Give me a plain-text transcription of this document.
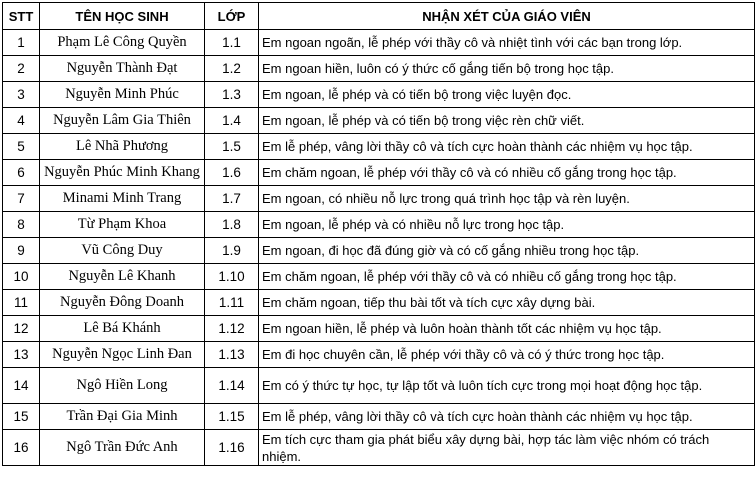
STT	TÊN HỌC SINH	LỚP	NHẬN XÉT CỦA GIÁO VIÊN
1	Phạm Lê Công Quyền	1.1	Em ngoan ngoãn, lễ phép với thầy cô và nhiệt tình với các bạn trong lớp.
2	Nguyễn Thành Đạt	1.2	Em ngoan hiền, luôn có ý thức cố gắng tiến bộ trong học tập.
3	Nguyễn Minh Phúc	1.3	Em ngoan, lễ phép và có tiến bộ trong việc luyện đọc.
4	Nguyễn Lâm Gia Thiên	1.4	Em ngoan, lễ phép và có tiến bộ trong việc rèn chữ viết.
5	Lê Nhã Phương	1.5	Em lễ phép, vâng lời thầy cô và tích cực hoàn thành các nhiệm vụ học tập.
6	Nguyễn Phúc Minh Khang	1.6	Em chăm ngoan, lễ phép với thầy cô và có nhiều cố gắng trong học tập.
7	Minami Minh Trang	1.7	Em ngoan, có nhiều nỗ lực trong quá trình học tập và rèn luyện.
8	Từ Phạm Khoa	1.8	Em ngoan, lễ phép và có nhiều nỗ lực trong học tập.
9	Vũ Công Duy	1.9	Em ngoan, đi học đã đúng giờ và có cố gắng nhiều trong học tập.
10	Nguyễn Lê Khanh	1.10	Em chăm ngoan, lễ phép với thầy cô và có nhiều cố gắng trong học tập.
11	Nguyễn Đông Doanh	1.11	Em chăm ngoan, tiếp thu bài tốt và tích cực xây dựng bài.
12	Lê Bá Khánh	1.12	Em ngoan hiền, lễ phép và luôn hoàn thành tốt các nhiệm vụ học tập.
13	Nguyễn Ngọc Linh Đan	1.13	Em đi học chuyên cần, lễ phép với thầy cô và có ý thức trong học tập.
14	Ngô Hiền Long	1.14	Em có ý thức tự học, tự lập tốt và luôn tích cực trong mọi hoạt động học tập.
15	Trần Đại Gia Minh	1.15	Em lễ phép, vâng lời thầy cô và tích cực hoàn thành các nhiệm vụ học tập.
16	Ngô Trần Đức Anh	1.16	Em tích cực tham gia phát biểu xây dựng bài, hợp tác làm việc nhóm có trách nhiệm.
